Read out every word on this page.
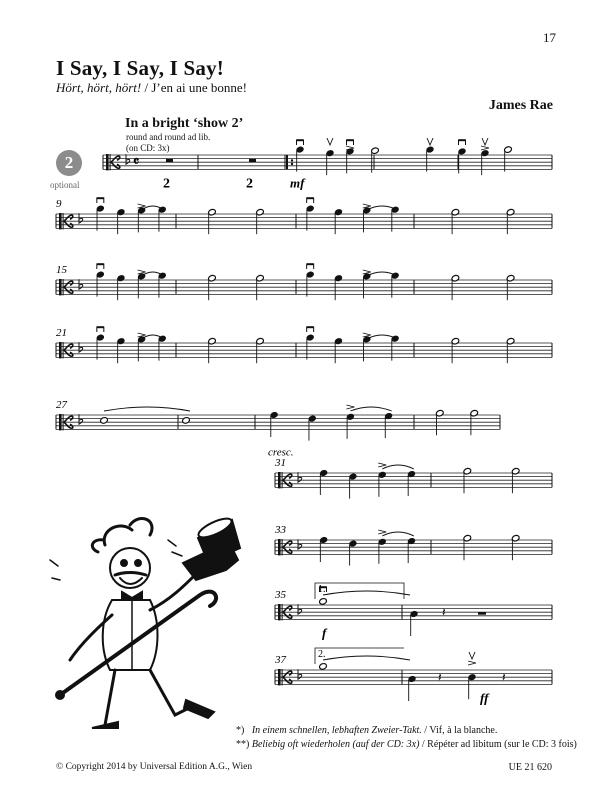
17
I Say, I Say, I Say!
Hört, hört, hört! / J’en ai une bonne!
James Rae
In a bright ‘show 2’
round and round ad lib.
(on CD: 3x)
2
optional
𝄴
2	2	mf
9
15
21
27
cresc.
31
33
35
𝄽
1.
f
37
𝄽	𝄽
2.
ff
*) In einem schnellen, lebhaften Zweier-Takt. / Vif, à la blanche.
**) Beliebig oft wiederholen (auf der CD: 3x) / Répéter ad libitum (sur le CD: 3 fois)
© Copyright 2014 by Universal Edition A.G., Wien	UE 21 620
